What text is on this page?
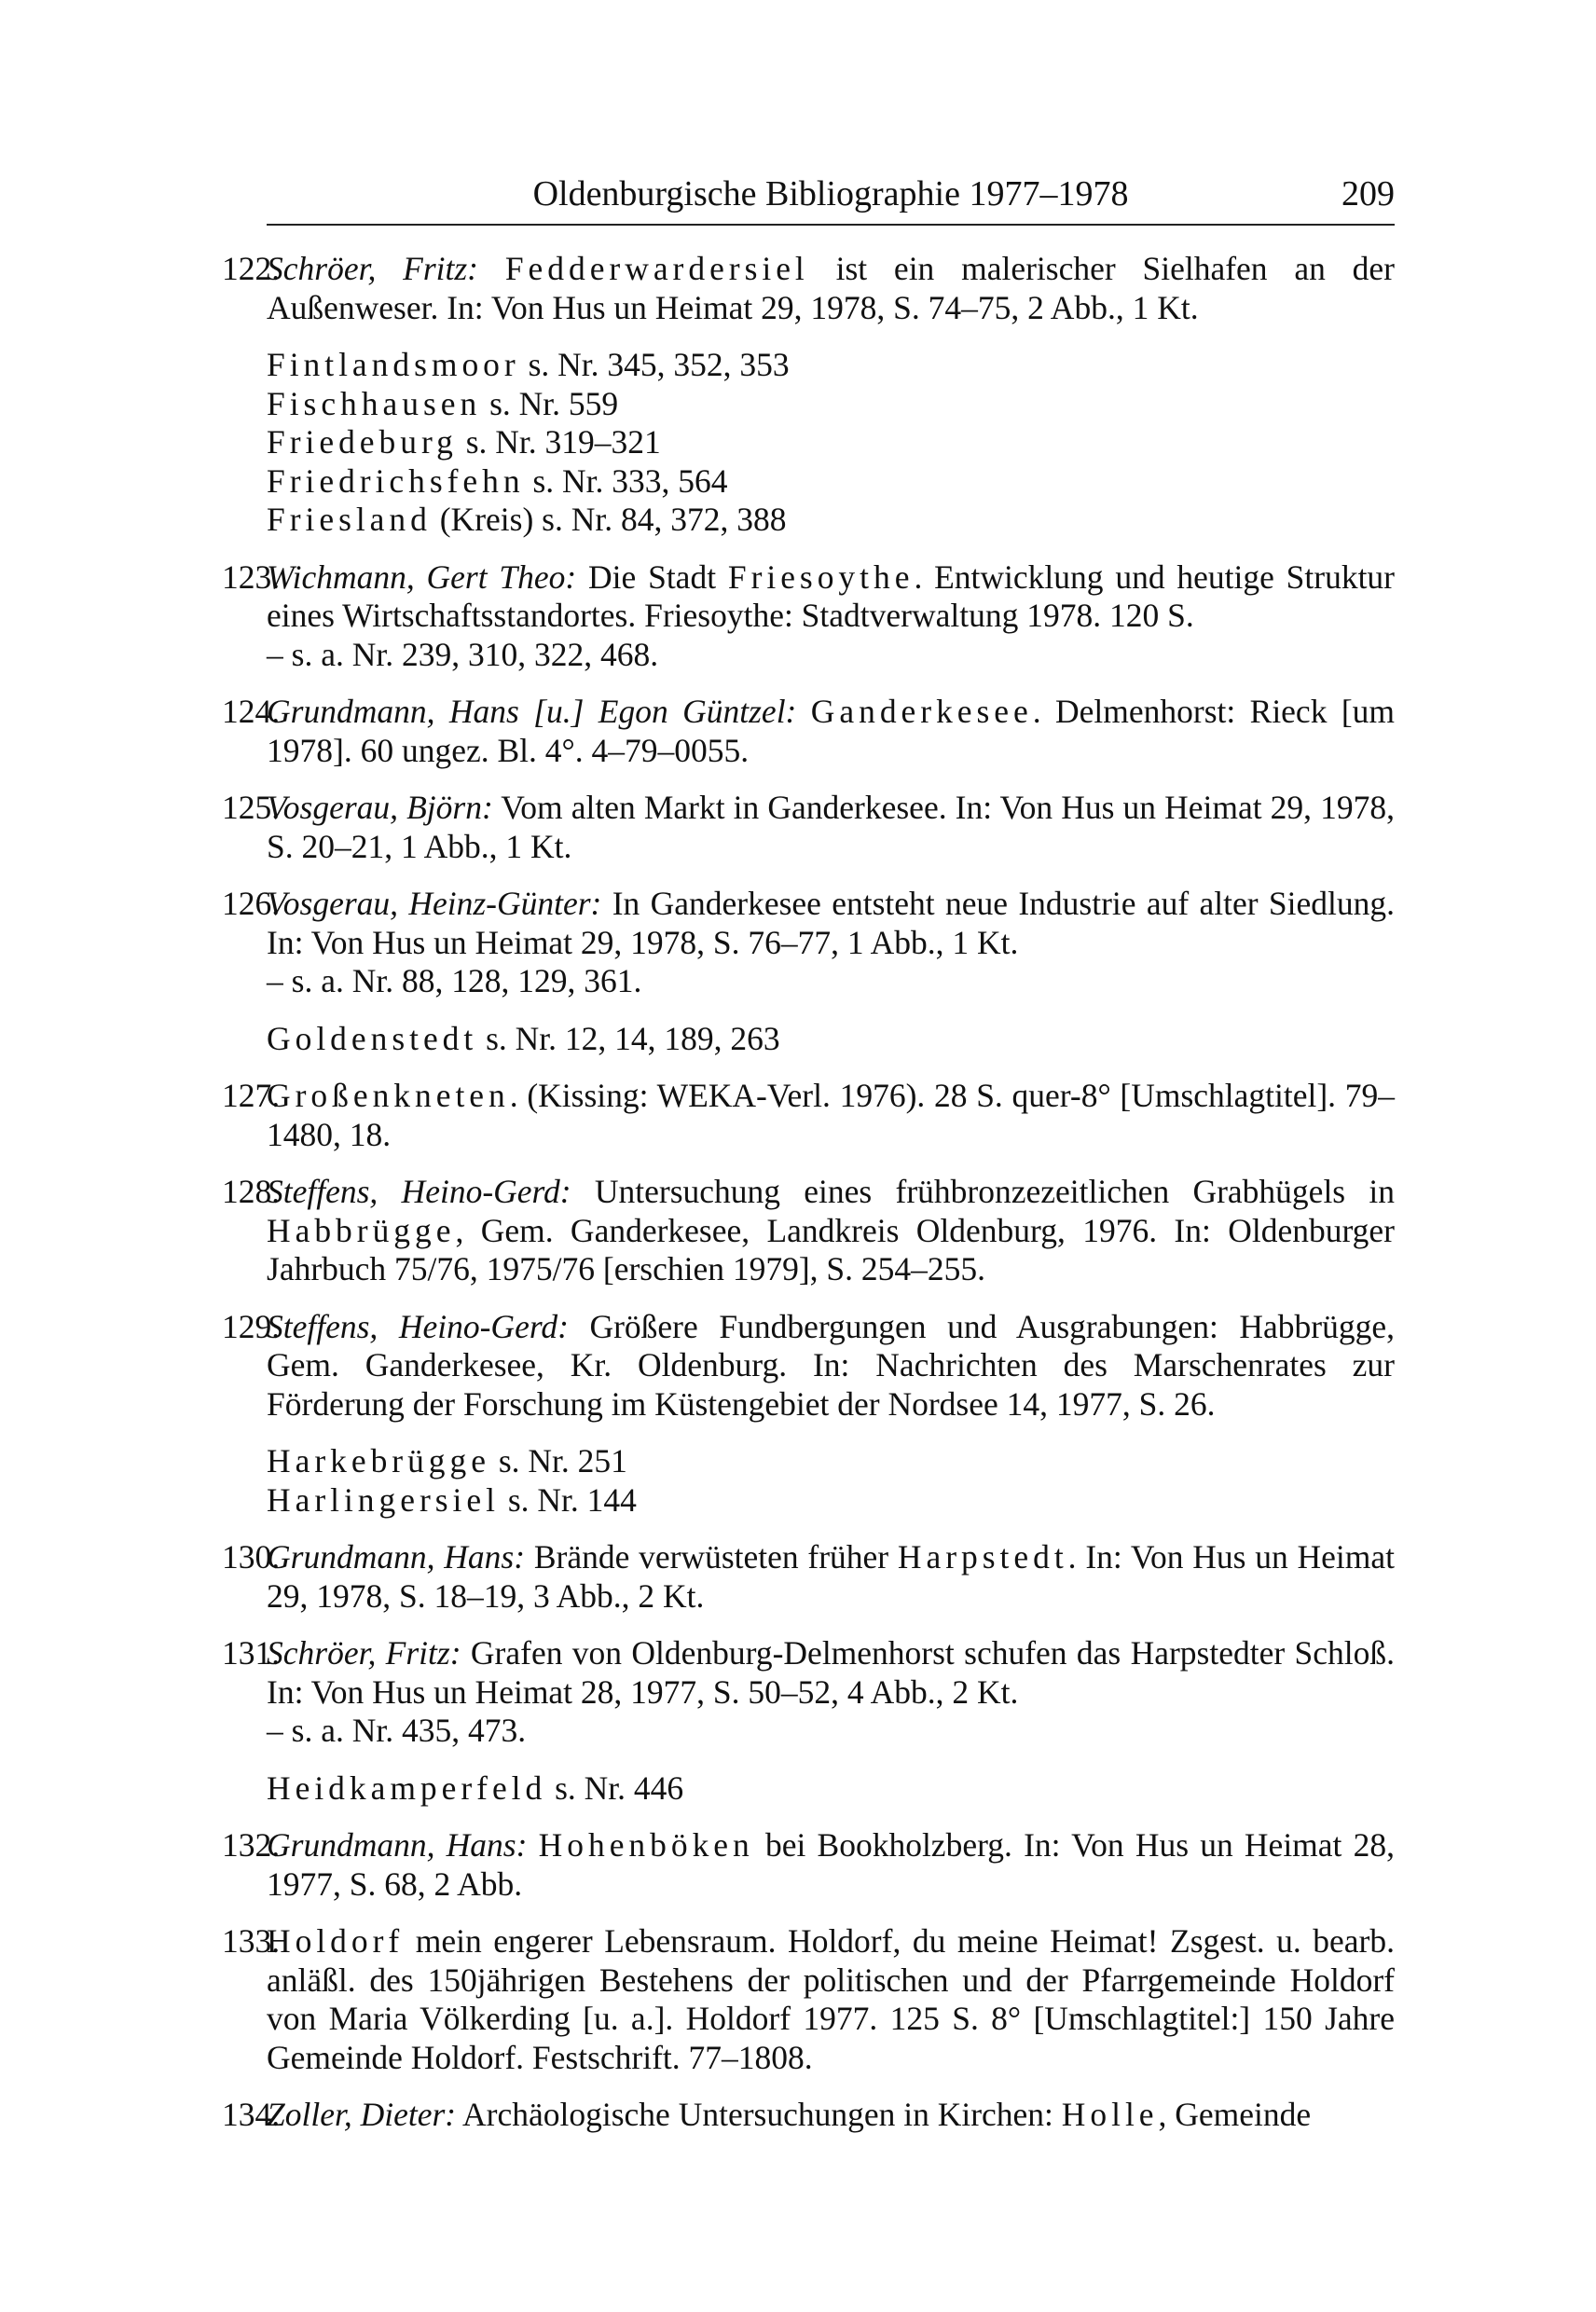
Oldenburgische Bibliographie 1977–1978	209
122.
Schröer, Fritz: Fedderwardersiel ist ein malerischer Sielhafen an der Außenweser. In: Von Hus un Heimat 29, 1978, S. 74–75, 2 Abb., 1 Kt.
Fintlandsmoor s. Nr. 345, 352, 353
Fischhausen s. Nr. 559
Friedeburg s. Nr. 319–321
Friedrichsfehn s. Nr. 333, 564
Friesland (Kreis) s. Nr. 84, 372, 388
123.
Wichmann, Gert Theo: Die Stadt Friesoythe. Entwicklung und heutige Struktur eines Wirtschaftsstandortes. Friesoythe: Stadtverwaltung 1978. 120 S.
– s. a. Nr. 239, 310, 322, 468.
124.
Grundmann, Hans [u.] Egon Güntzel: Ganderkesee. Delmenhorst: Rieck [um 1978]. 60 ungez. Bl. 4°. 4–79–0055.
125.
Vosgerau, Björn: Vom alten Markt in Ganderkesee. In: Von Hus un Heimat 29, 1978, S. 20–21, 1 Abb., 1 Kt.
126.
Vosgerau, Heinz-Günter: In Ganderkesee entsteht neue Industrie auf alter Siedlung. In: Von Hus un Heimat 29, 1978, S. 76–77, 1 Abb., 1 Kt.
– s. a. Nr. 88, 128, 129, 361.
Goldenstedt s. Nr. 12, 14, 189, 263
127.
Großenkneten. (Kissing: WEKA-Verl. 1976). 28 S. quer-8° [Umschlagtitel]. 79–1480, 18.
128.
Steffens, Heino-Gerd: Untersuchung eines frühbronzezeitlichen Grabhügels in Habbrügge, Gem. Ganderkesee, Landkreis Oldenburg, 1976. In: Oldenburger Jahrbuch 75/76, 1975/76 [erschien 1979], S. 254–255.
129.
Steffens, Heino-Gerd: Größere Fundbergungen und Ausgrabungen: Habbrügge, Gem. Ganderkesee, Kr. Oldenburg. In: Nachrichten des Marschenrates zur Förderung der Forschung im Küstengebiet der Nordsee 14, 1977, S. 26.
Harkebrügge s. Nr. 251
Harlingersiel s. Nr. 144
130.
Grundmann, Hans: Brände verwüsteten früher Harpstedt. In: Von Hus un Heimat 29, 1978, S. 18–19, 3 Abb., 2 Kt.
131.
Schröer, Fritz: Grafen von Oldenburg-Delmenhorst schufen das Harpstedter Schloß. In: Von Hus un Heimat 28, 1977, S. 50–52, 4 Abb., 2 Kt.
– s. a. Nr. 435, 473.
Heidkamperfeld s. Nr. 446
132.
Grundmann, Hans: Hohenböken bei Bookholzberg. In: Von Hus un Heimat 28, 1977, S. 68, 2 Abb.
133.
Holdorf mein engerer Lebensraum. Holdorf, du meine Heimat! Zsgest. u. bearb. anläßl. des 150jährigen Bestehens der politischen und der Pfarrgemeinde Holdorf von Maria Völkerding [u. a.]. Holdorf 1977. 125 S. 8° [Umschlagtitel:] 150 Jahre Gemeinde Holdorf. Festschrift. 77–1808.
134.
Zoller, Dieter: Archäologische Untersuchungen in Kirchen: Holle, Gemeinde
